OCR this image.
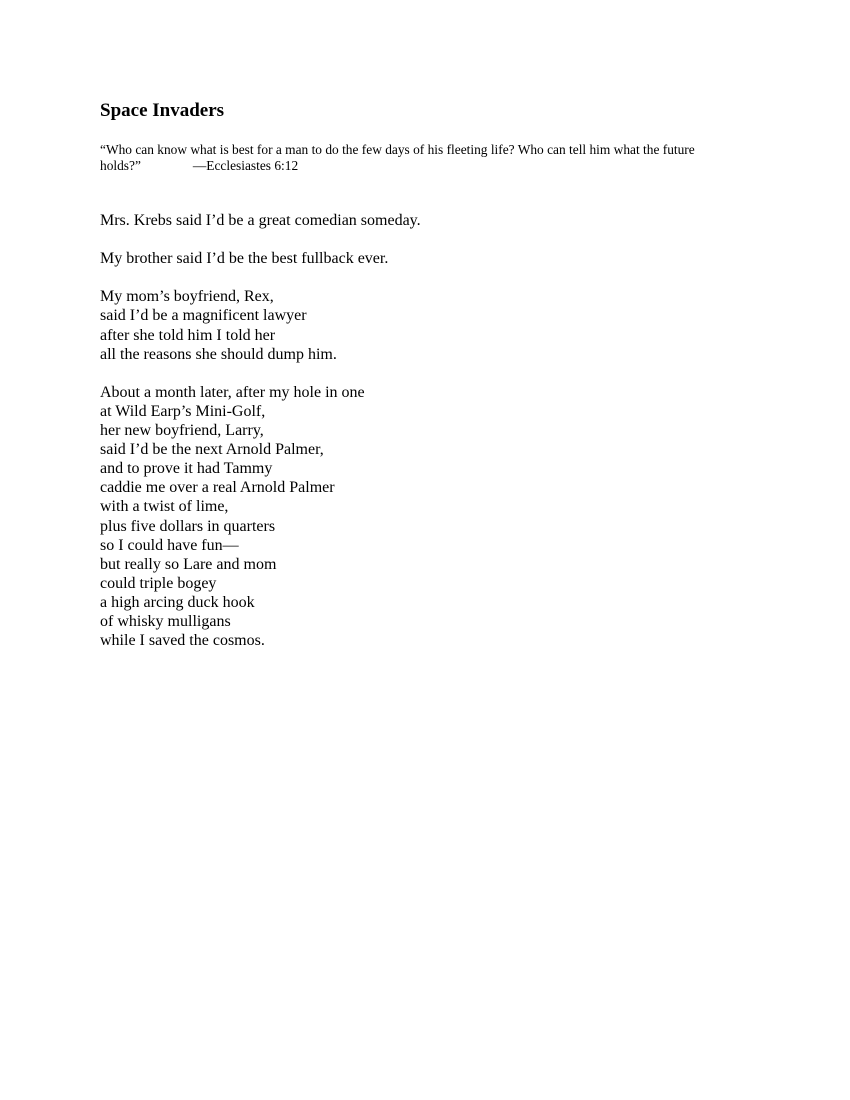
Space Invaders
“Who can know what is best for a man to do the few days of his fleeting life? Who can tell him what the future
holds?”	—Ecclesiastes 6:12
Mrs. Krebs said I’d be a great comedian someday.
My brother said I’d be the best fullback ever.
My mom’s boyfriend, Rex,
said I’d be a magnificent lawyer
after she told him I told her
all the reasons she should dump him.
About a month later, after my hole in one
at Wild Earp’s Mini-Golf,
her new boyfriend, Larry,
said I’d be the next Arnold Palmer,
and to prove it had Tammy
caddie me over a real Arnold Palmer
with a twist of lime,
plus five dollars in quarters
so I could have fun—
but really so Lare and mom
could triple bogey
a high arcing duck hook
of whisky mulligans
while I saved the cosmos.
